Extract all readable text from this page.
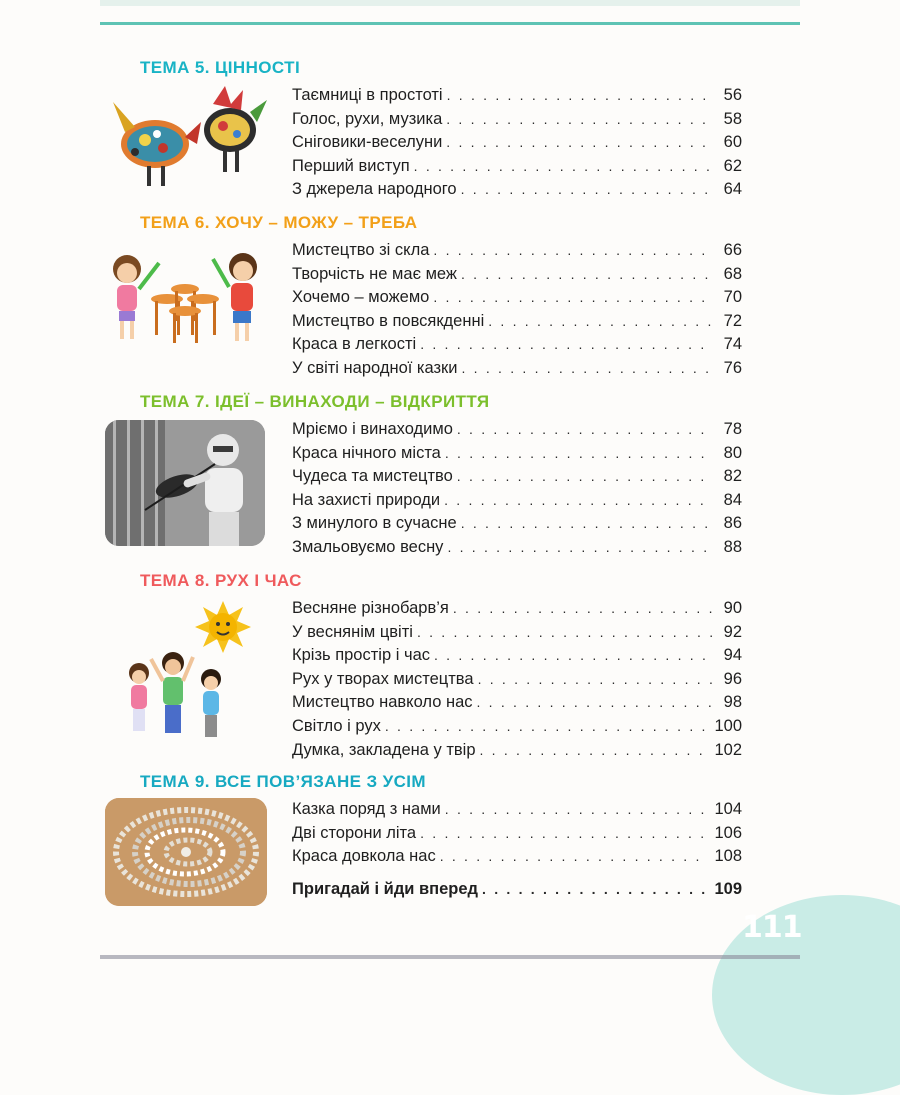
ТЕМА 5. ЦІННОСТІ
Таємниці в простоті . . .	56
Голос, рухи, музика . . .	58
Сніговики-веселуни . . .	60
Перший виступ . . .	62
З джерела народного . . .	64
ТЕМА 6. ХОЧУ – МОЖУ – ТРЕБА
Мистецтво зі скла . . .	66
Творчість не має меж . . .	68
Хочемо – можемо . . .	70
Мистецтво в повсякденні . . .	72
Краса в легкості . . .	74
У світі народної казки . . .	76
ТЕМА 7. ІДЕЇ – ВИНАХОДИ – ВІДКРИТТЯ
Мріємо і винаходимо . . .	78
Краса нічного міста . . .	80
Чудеса та мистецтво . . .	82
На захисті природи . . .	84
З минулого в сучасне . . .	86
Змальовуємо весну . . .	88
ТЕМА 8. РУХ І ЧАС
Весняне різнобарв’я . . .	90
У веснянім цвіті . . .	92
Крізь простір і час . . .	94
Рух у творах мистецтва . . .	96
Мистецтво навколо нас . . .	98
Світло і рух . . .	100
Думка, закладена у твір . . .	102
ТЕМА 9. ВСЕ ПОВ’ЯЗАНЕ З УСІМ
Казка поряд з нами . . .	104
Дві сторони літа . . .	106
Краса довкола нас . . .	108
Пригадай і йди вперед . . .	109
111
